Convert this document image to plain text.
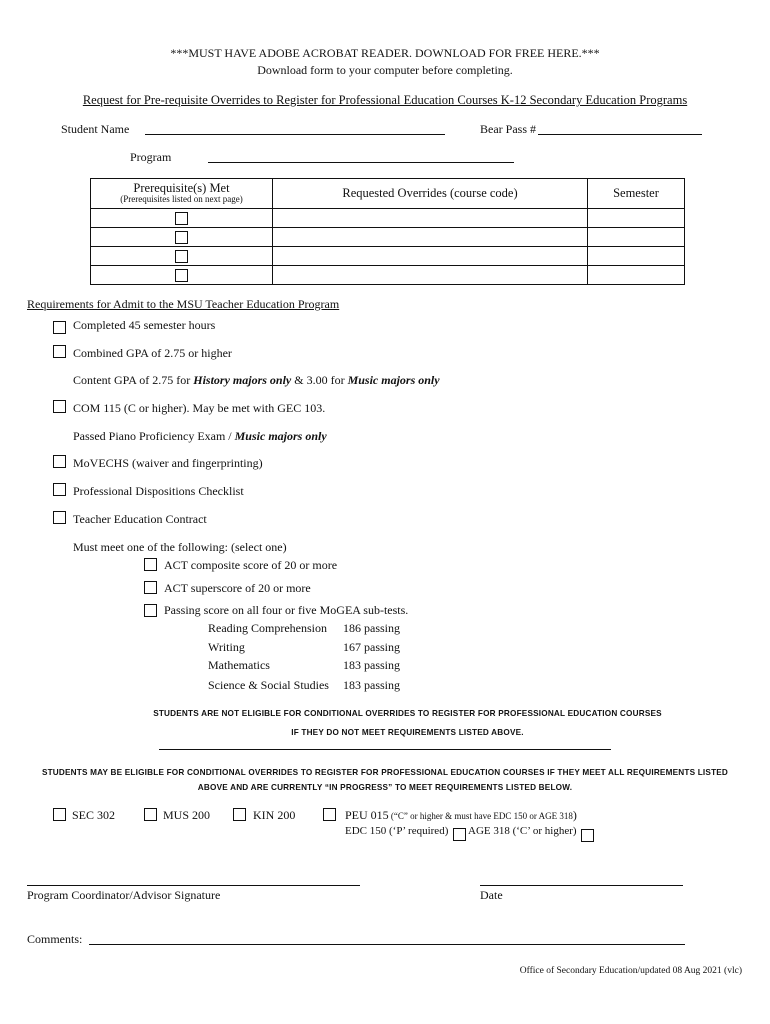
***MUST HAVE ADOBE ACROBAT READER. DOWNLOAD FOR FREE HERE.***
Download form to your computer before completing.
Request for Pre-requisite Overrides to Register for Professional Education Courses K-12 Secondary Education Programs
Student Name	Bear Pass #
Program
Prerequisite(s) Met
(Prerequisites listed on next page)	Requested Overrides (course code)	Semester

Requirements for Admit to the MSU Teacher Education Program
Completed 45 semester hours
Combined GPA of 2.75 or higher
Content GPA of 2.75 for History majors only & 3.00 for Music majors only
COM 115 (C or higher). May be met with GEC 103.
Passed Piano Proficiency Exam / Music majors only
MoVECHS (waiver and fingerprinting)
Professional Dispositions Checklist
Teacher Education Contract
Must meet one of the following: (select one)
ACT composite score of 20 or more
ACT superscore of 20 or more
Passing score on all four or five MoGEA sub-tests.
Reading Comprehension 186 passing
Writing	167 passing
Mathematics	183 passing
Science & Social Studies 183 passing
STUDENTS ARE NOT ELIGIBLE FOR CONDITIONAL OVERRIDES TO REGISTER FOR PROFESSIONAL EDUCATION COURSES
IF THEY DO NOT MEET REQUIREMENTS LISTED ABOVE.
STUDENTS MAY BE ELIGIBLE FOR CONDITIONAL OVERRIDES TO REGISTER FOR PROFESSIONAL EDUCATION COURSES IF THEY MEET ALL REQUIREMENTS LISTED
ABOVE AND ARE CURRENTLY “IN PROGRESS” TO MEET REQUIREMENTS LISTED BELOW.
SEC 302	MUS 200	KIN 200	PEU 015 (“C” or higher & must have EDC 150 or AGE 318)
EDC 150 (‘P’ required) AGE 318 (‘C’ or higher)
Program Coordinator/Advisor Signature	Date
Comments:
Office of Secondary Education/updated 08 Aug 2021 (vlc)
